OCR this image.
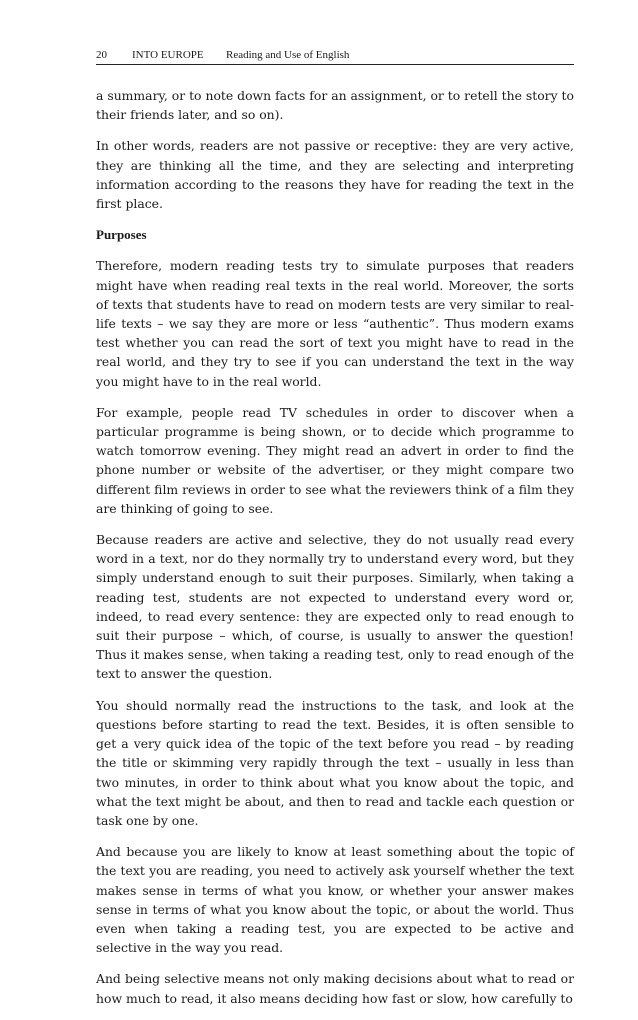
20 INTO EUROPE Reading and Use of English

a summary, or to note down facts for an assignment, or to retell the story to their friends later, and so on).

In other words, readers are not passive or receptive: they are very active, they are thinking all the time, and they are selecting and interpreting information according to the reasons they have for reading the text in the first place.

Purposes

Therefore, modern reading tests try to simulate purposes that readers might have when reading real texts in the real world. Moreover, the sorts of texts that students have to read on modern tests are very similar to real-life texts – we say they are more or less “authentic”. Thus modern exams test whether you can read the sort of text you might have to read in the real world, and they try to see if you can understand the text in the way you might have to in the real world.

For example, people read TV schedules in order to discover when a particular programme is being shown, or to decide which programme to watch tomorrow evening. They might read an advert in order to find the phone number or website of the advertiser, or they might compare two different film reviews in order to see what the reviewers think of a film they are thinking of going to see.

Because readers are active and selective, they do not usually read every word in a text, nor do they normally try to understand every word, but they simply understand enough to suit their purposes. Similarly, when taking a reading test, students are not expected to understand every word or, indeed, to read every sentence: they are expected only to read enough to suit their purpose – which, of course, is usually to answer the question! Thus it makes sense, when taking a reading test, only to read enough of the text to answer the question.

You should normally read the instructions to the task, and look at the questions before starting to read the text. Besides, it is often sensible to get a very quick idea of the topic of the text before you read – by reading the title or skimming very rapidly through the text – usually in less than two minutes, in order to think about what you know about the topic, and what the text might be about, and then to read and tackle each question or task one by one.

And because you are likely to know at least something about the topic of the text you are reading, you need to actively ask yourself whether the text makes sense in terms of what you know, or whether your answer makes sense in terms of what you know about the topic, or about the world. Thus even when taking a reading test, you are expected to be active and selective in the way you read.

And being selective means not only making decisions about what to read or how much to read, it also means deciding how fast or slow, how carefully to
